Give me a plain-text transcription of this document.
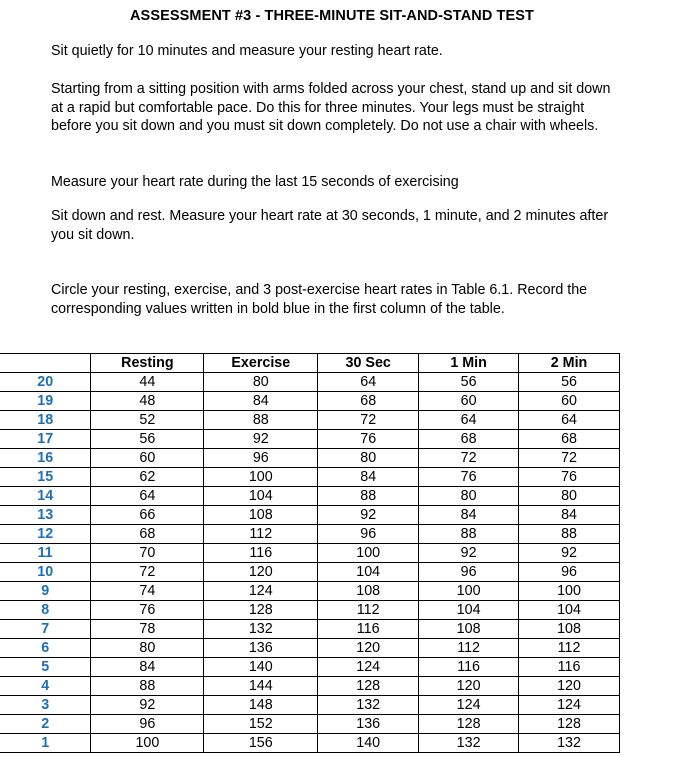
ASSESSMENT #3 - THREE-MINUTE SIT-AND-STAND TEST

Sit quietly for 10 minutes and measure your resting heart rate.

Starting from a sitting position with arms folded across your chest, stand up and sit down at a rapid but comfortable pace. Do this for three minutes. Your legs must be straight before you sit down and you must sit down completely. Do not use a chair with wheels.

Measure your heart rate during the last 15 seconds of exercising

Sit down and rest. Measure your heart rate at 30 seconds, 1 minute, and 2 minutes after you sit down.

Circle your resting, exercise, and 3 post-exercise heart rates in Table 6.1. Record the corresponding values written in bold blue in the first column of the table.

	Resting	Exercise	30 Sec	1 Min	2 Min
20	44	80	64	56	56
19	48	84	68	60	60
18	52	88	72	64	64
17	56	92	76	68	68
16	60	96	80	72	72
15	62	100	84	76	76
14	64	104	88	80	80
13	66	108	92	84	84
12	68	112	96	88	88
11	70	116	100	92	92
10	72	120	104	96	96
9	74	124	108	100	100
8	76	128	112	104	104
7	78	132	116	108	108
6	80	136	120	112	112
5	84	140	124	116	116
4	88	144	128	120	120
3	92	148	132	124	124
2	96	152	136	128	128
1	100	156	140	132	132
